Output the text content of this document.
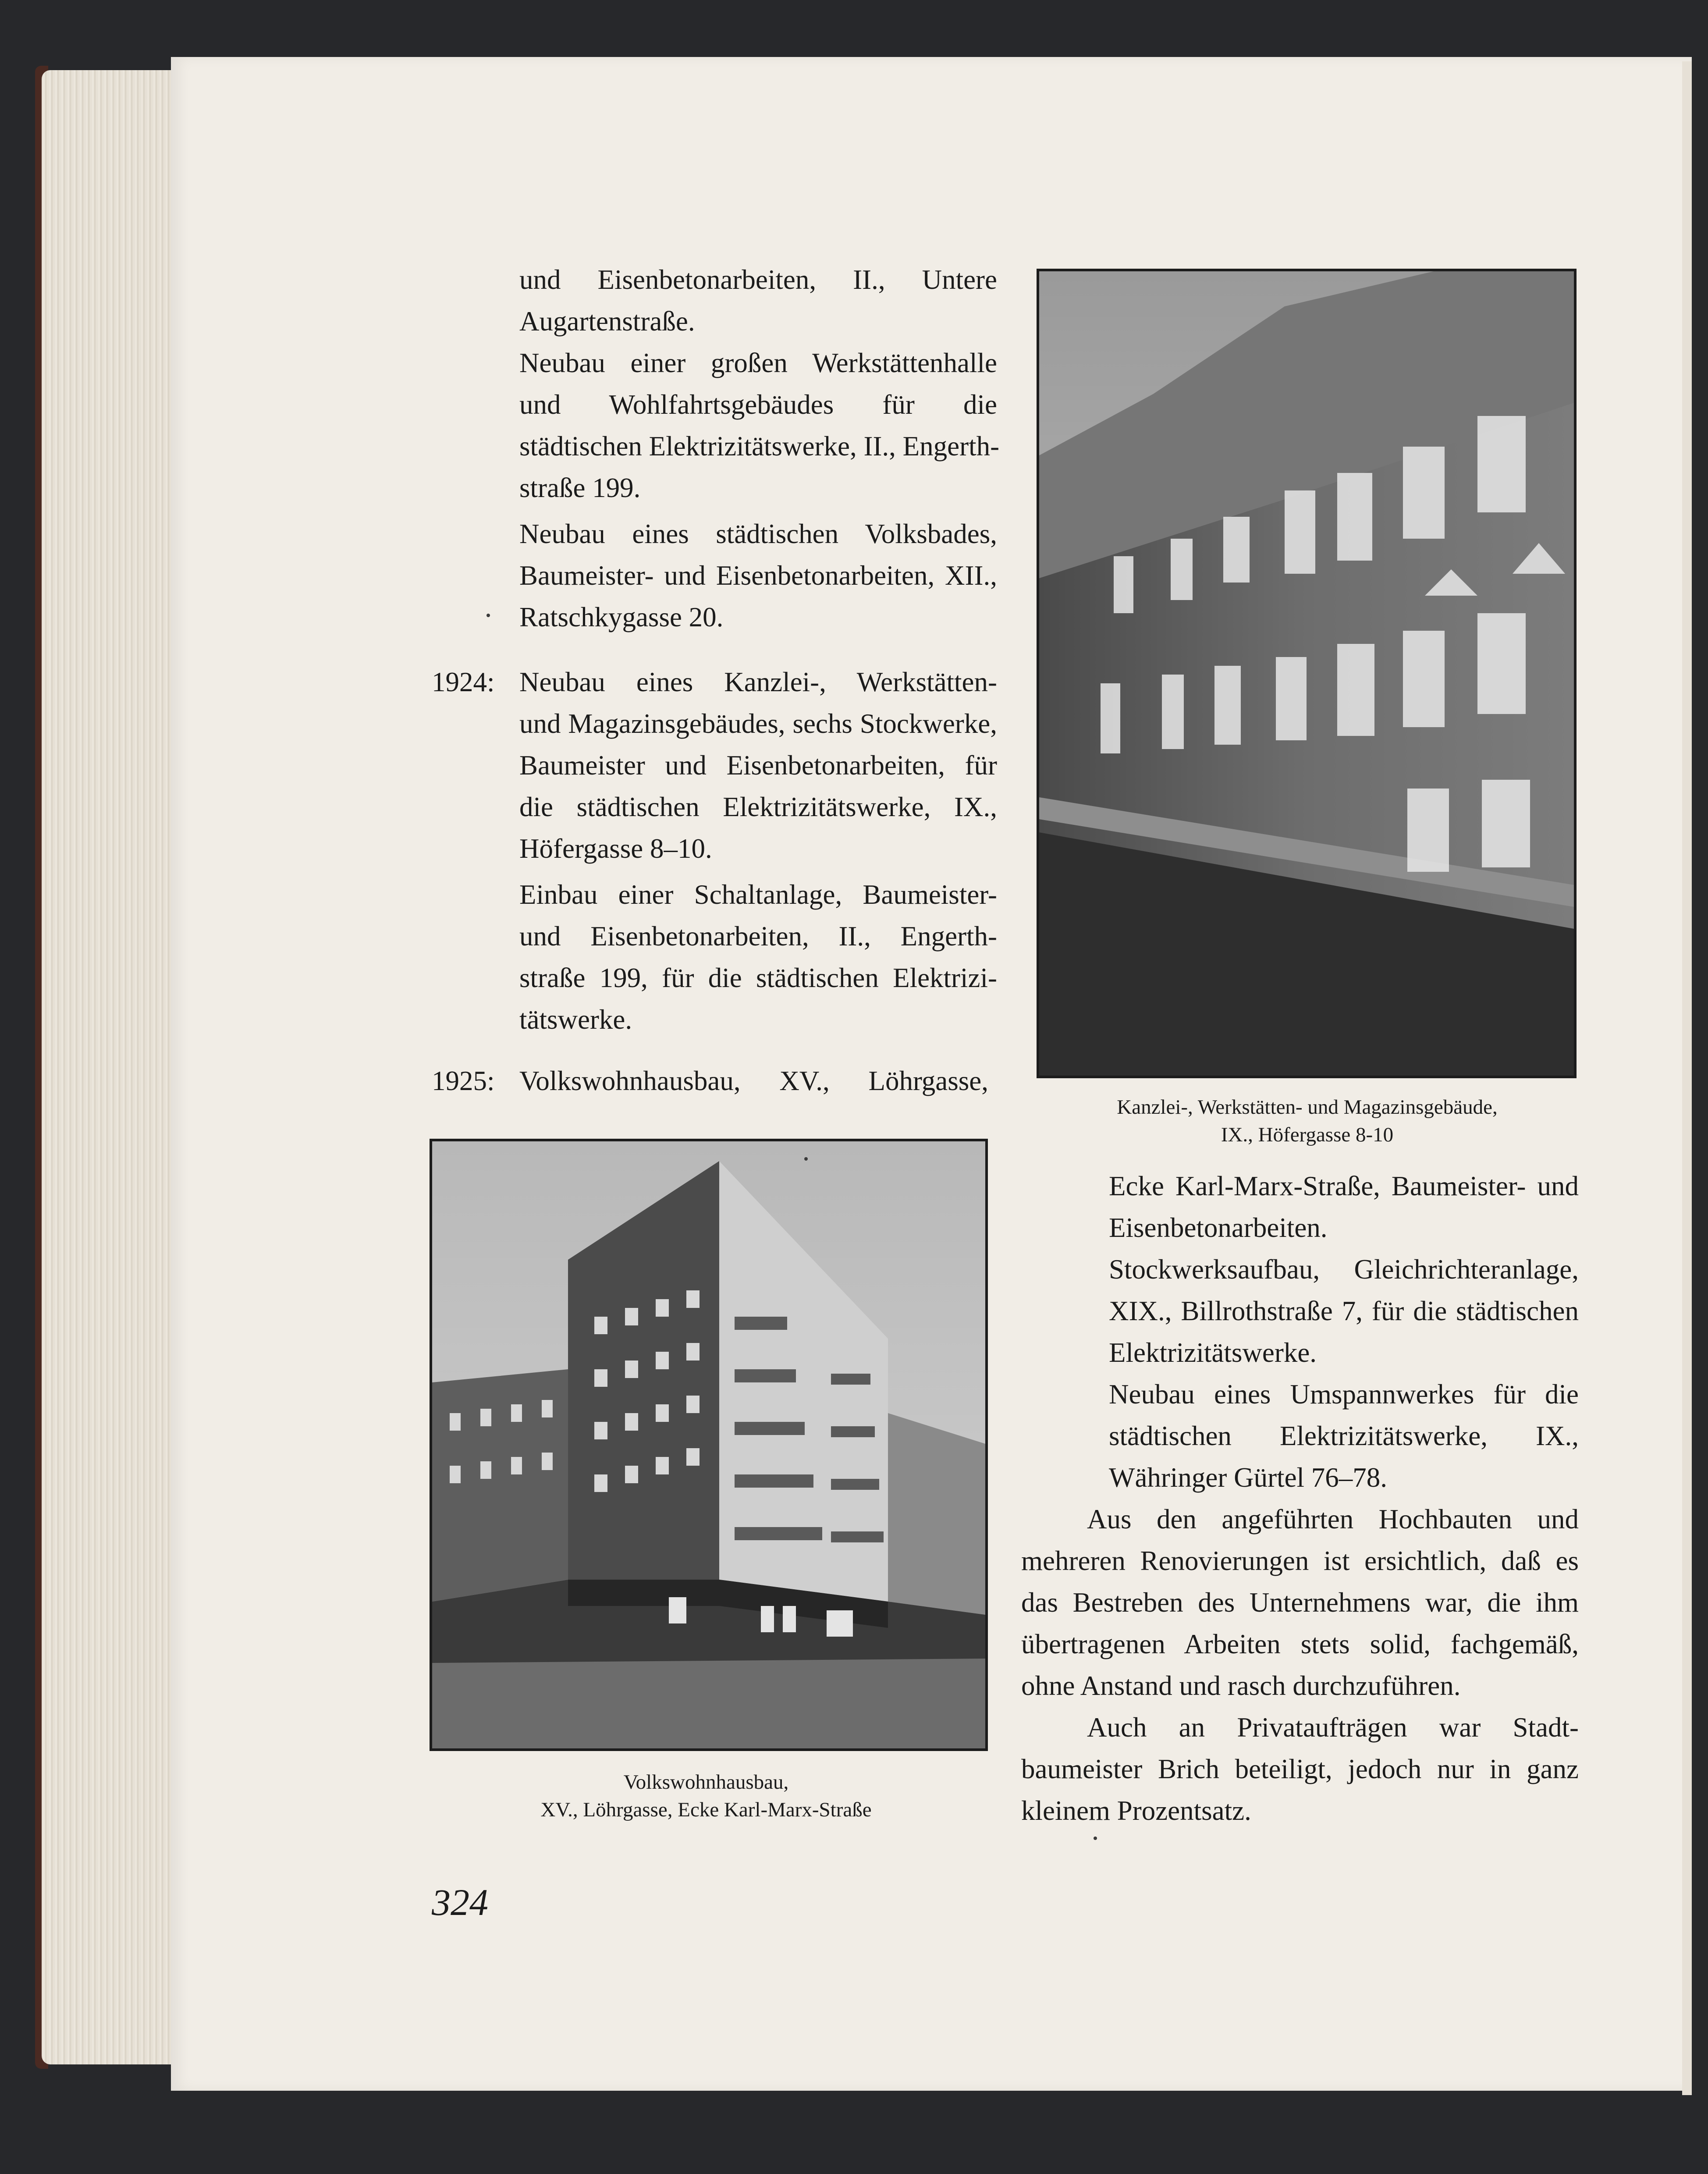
und Eisenbetonarbeiten, II., Untere
Augartenstraße.
Neubau einer großen Werkstättenhalle
und Wohlfahrtsgebäudes für die
städtischen Elektrizitätswerke, II., Engerth-
straße 199.
Neubau eines städtischen Volksbades,
Baumeister- und Eisenbetonarbeiten, XII.,
Ratschkygasse 20.
1924: Neubau eines Kanzlei-, Werkstätten-
und Magazinsgebäudes, sechs Stockwerke,
Baumeister und Eisenbetonarbeiten, für
die städtischen Elektrizitätswerke, IX.,
Höfergasse 8–10.
Einbau einer Schaltanlage, Baumeister-
und Eisenbetonarbeiten, II., Engerth-
straße 199, für die städtischen Elektrizi-
tätswerke.
1925: Volkswohnhausbau, XV., Löhrgasse,
Kanzlei-, Werkstätten- und Magazinsgebäude,
IX., Höfergasse 8-10
Volkswohnhausbau,
XV., Löhrgasse, Ecke Karl-Marx-Straße
Ecke Karl-Marx-Straße, Baumeister- und
Eisenbetonarbeiten.
Stockwerksaufbau, Gleichrichteranlage,
XIX., Billrothstraße 7, für die städtischen
Elektrizitätswerke.
Neubau eines Umspannwerkes für die
städtischen Elektrizitätswerke, IX.,
Währinger Gürtel 76–78.
Aus den angeführten Hochbauten und
mehreren Renovierungen ist ersichtlich, daß es
das Bestreben des Unternehmens war, die ihm
übertragenen Arbeiten stets solid, fachgemäß,
ohne Anstand und rasch durchzuführen.
Auch an Privataufträgen war Stadt-
baumeister Brich beteiligt, jedoch nur in ganz
kleinem Prozentsatz.
324
